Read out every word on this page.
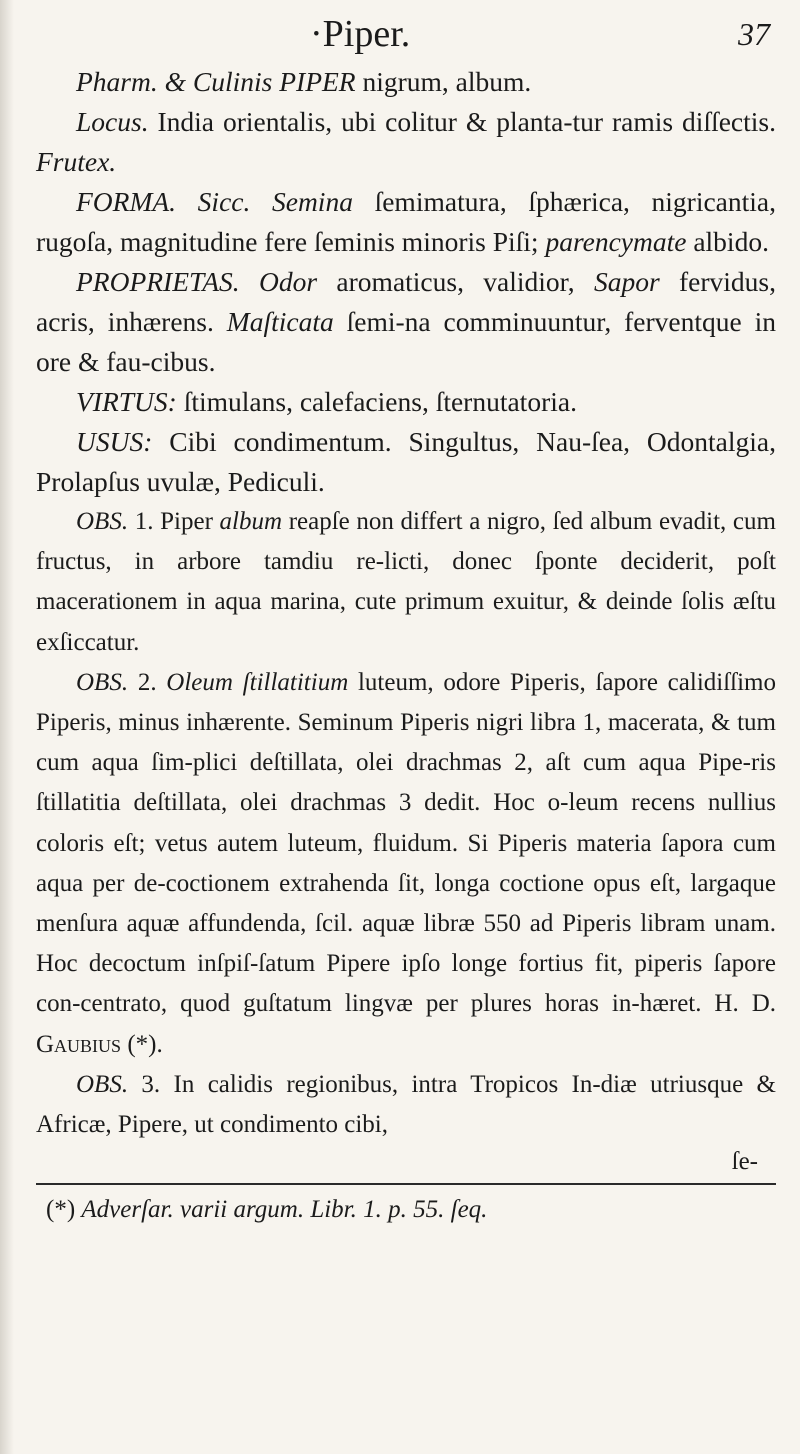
·Piper.	37

Pharm. & Culinis PIPER nigrum, album.

Locus. India orientalis, ubi colitur & planta-tur ramis diſſectis. Frutex.

FORMA. Sicc. Semina ſemimatura, ſphærica, nigricantia, rugoſa, magnitudine fere ſeminis minoris Piſi; parencymate albido.

PROPRIETAS. Odor aromaticus, validior, Sapor fervidus, acris, inhærens. Maſticata ſemi-na comminuuntur, ferventque in ore & fau-cibus.

VIRTUS: ſtimulans, calefaciens, ſternutatoria.

USUS: Cibi condimentum. Singultus, Nau-ſea, Odontalgia, Prolapſus uvulæ, Pediculi.

OBS. 1. Piper album reapſe non differt a nigro, ſed album evadit, cum fructus, in arbore tamdiu re-licti, donec ſponte deciderit, poſt macerationem in aqua marina, cute primum exuitur, & deinde ſolis æſtu exſiccatur.

OBS. 2. Oleum ſtillatitium luteum, odore Piperis, ſapore calidiſſimo Piperis, minus inhærente. Seminum Piperis nigri libra 1, macerata, & tum cum aqua ſim-plici deſtillata, olei drachmas 2, aſt cum aqua Pipe-ris ſtillatitia deſtillata, olei drachmas 3 dedit. Hoc o-leum recens nullius coloris eſt; vetus autem luteum, fluidum. Si Piperis materia ſapora cum aqua per de-coctionem extrahenda ſit, longa coctione opus eſt, largaque menſura aquæ affundenda, ſcil. aquæ libræ 550 ad Piperis libram unam. Hoc decoctum inſpiſ-ſatum Pipere ipſo longe fortius fit, piperis ſapore con-centrato, quod guſtatum lingvæ per plures horas in-hæret. H. D. Gaubius (*).

OBS. 3. In calidis regionibus, intra Tropicos In-diæ utriusque & Africæ, Pipere, ut condimento cibi,

ſe-

(*) Adverſar. varii argum. Libr. 1. p. 55. ſeq.
